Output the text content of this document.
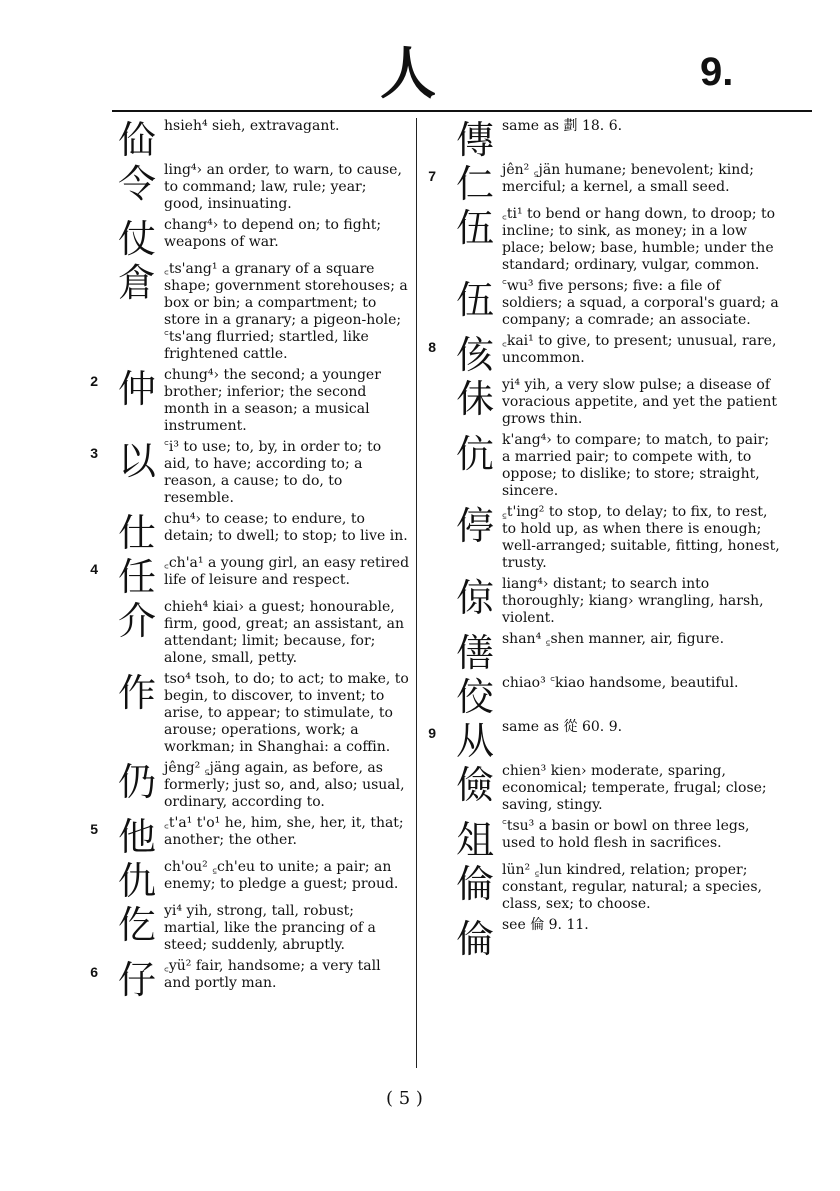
人	9.
佡 hsieh⁴ sieh, extravagant.
令 ling⁴› an order, to warn, to cause, to command; law, rule; year; good, insinuating.
仗 chang⁴› to depend on; to fight; weapons of war.
倉 ꜀ts'ang¹ a granary of a square shape; government storehouses; a box or bin; a compartment; to store in a granary; a pigeon-hole; ꜂ts'ang flurried; startled, like frightened cattle.
2 仲 chung⁴› the second; a younger brother; inferior; the second month in a season; a musical instrument.
3 以 ꜂i³ to use; to, by, in order to; to aid, to have; according to; a reason, a cause; to do, to resemble.
仕 chu⁴› to cease; to endure, to detain; to dwell; to stop; to live in.
4 任 ꜀ch'a¹ a young girl, an easy retired life of leisure and respect.
介 chieh⁴ kiai› a guest; honourable, firm, good, great; an assistant, an attendant; limit; because, for; alone, small, petty.
作 tso⁴ tsoh, to do; to act; to make, to begin, to discover, to invent; to arise, to appear; to stimulate, to arouse; operations, work; a workman; in Shanghai: a coffin.
仍 jêng² ꜁jäng again, as before, as formerly; just so, and, also; usual, ordinary, according to.
5 他 ꜀t'a¹ t'o¹ he, him, she, her, it, that; another; the other.
仇 ch'ou² ꜁ch'eu to unite; a pair; an enemy; to pledge a guest; proud.
仡 yi⁴ yih, strong, tall, robust; martial, like the prancing of a steed; suddenly, abruptly.
6 仔 ꜀yü² fair, handsome; a very tall and portly man.
傳 same as 劃 18. 6.
7 仁 jên² ꜁jän humane; benevolent; kind; merciful; a kernel, a small seed.
伍 ꜀ti¹ to bend or hang down, to droop; to incline; to sink, as money; in a low place; below; base, humble; under the standard; ordinary, vulgar, common.
伍 ꜂wu³ five persons; five: a file of soldiers; a squad, a corporal's guard; a company; a comrade; an associate.
8 侅 ꜀kai¹ to give, to present; unusual, rare, uncommon.
佅 yi⁴ yih, a very slow pulse; a disease of voracious appetite, and yet the patient grows thin.
伉 k'ang⁴› to compare; to match, to pair; a married pair; to compete with, to oppose; to dislike; to store; straight, sincere.
停 ꜁t'ing² to stop, to delay; to fix, to rest, to hold up, as when there is enough; well-arranged; suitable, fitting, honest, trusty.
倞 liang⁴› distant; to search into thoroughly; kiang› wrangling, harsh, violent.
僐 shan⁴ ꜁shen manner, air, figure.
佼 chiao³ ꜂kiao handsome, beautiful.
9 从 same as 從 60. 9.
儉 chien³ kien› moderate, sparing, economical; temperate, frugal; close; saving, stingy.
俎 ꜂tsu³ a basin or bowl on three legs, used to hold flesh in sacrifices.
倫 lün² ꜁lun kindred, relation; proper; constant, regular, natural; a species, class, sex; to choose.
倫 see 倫 9. 11.
( 5 )
